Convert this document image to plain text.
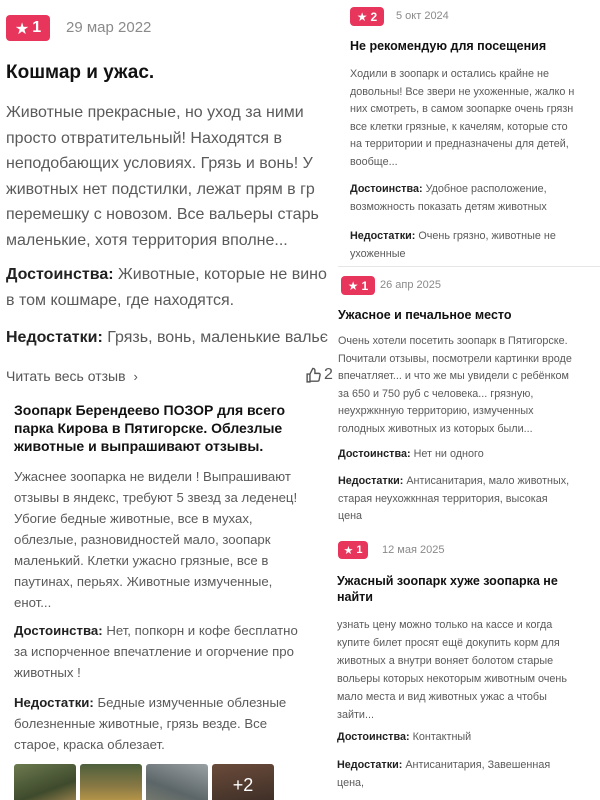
★ 1 29 мар 2022
Кошмар и ужас.
Животные прекрасные, но уход за ними
просто отвратительный! Находятся в
неподобающих условиях. Грязь и вонь! У
животных нет подстилки, лежат прям в гр
перемешку с новозом. Все вальеры старь
маленькие, хотя территория вполне...
Достоинства: Животные, которые не вино
в том кошмаре, где находятся.
Недостатки: Грязь, вонь, маленькие вальє
Читать весь отзыв ›	2
Зоопарк Берендеево ПОЗОР для всего
парка Кирова в Пятигорске. Облезлые
животные и выпрашивают отзывы.
Ужаснее зоопарка не видели ! Выпрашивают
отзывы в яндекс, требуют 5 звезд за леденец!
Убогие бедные животные, все в мухах,
облезлые, разновидностей мало, зоопарк
маленький. Клетки ужасно грязные, все в
паутинах, перьях. Животные измученные,
енот...
Достоинства: Нет, попкорн и кофе бесплатно
за испорченное впечатление и огорчение про
животных !
Недостатки: Бедные измученные облезные
болезненные животные, грязь везде. Все
старое, краска облезает.
+2
★ 2 5 окт 2024
Не рекомендую для посещения
Ходили в зоопарк и остались крайне не
довольны! Все звери не ухоженные, жалко н
них смотреть, в самом зоопарке очень грязн
все клетки грязные, к качелям, которые сто
на территории и предназначены для детей,
вообще...
Достоинства: Удобное расположение,
возможность показать детям животных
Недостатки: Очень грязно, животные не
ухоженные
★ 1 26 апр 2025
Ужасное и печальное место
Очень хотели посетить зоопарк в Пятигорске.
Почитали отзывы, посмотрели картинки вроде
впечатляет... и что же мы увидели с ребёнком
за 650 и 750 руб с человека... грязную,
неухржкнную территорию, измученных
голодных животных из которых были...
Достоинства: Нет ни одного
Недостатки: Антисанитария, мало животных,
старая неухожкнная территория, высокая
цена
★ 1 12 мая 2025
Ужасный зоопарк хуже зоопарка не
найти
узнать цену можно только на кассе и когда
купите билет просят ещё докупить корм для
животных а внутри воняет болотом старые
вольеры которых некоторым животным очень
мало места и вид животных ужас а чтобы
зайти...
Достоинства: Контактный
Недостатки: Антисанитария, Завешенная
цена,
